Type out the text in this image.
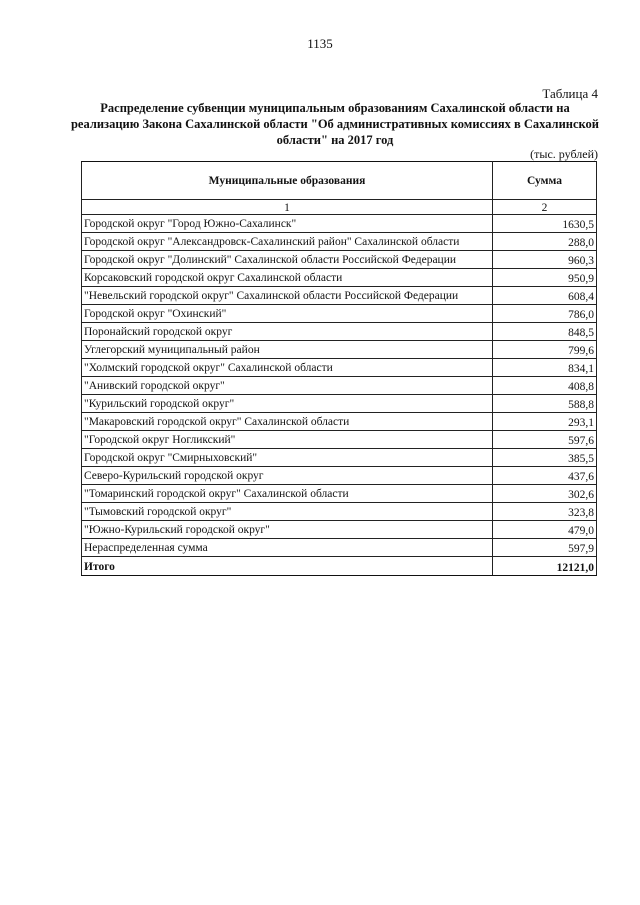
1135
Таблица 4
Распределение субвенции муниципальным образованиям Сахалинской области на реализацию Закона Сахалинской области "Об административных комиссиях в Сахалинской области" на 2017 год
(тыс. рублей)
Муниципальные образования	Сумма
1	2
Городской округ "Город Южно-Сахалинск"	1630,5
Городской округ "Александровск-Сахалинский район" Сахалинской области	288,0
Городской округ "Долинский" Сахалинской области Российской Федерации	960,3
Корсаковский городской округ Сахалинской области	950,9
"Невельский городской округ" Сахалинской области Российской Федерации	608,4
Городской округ "Охинский"	786,0
Поронайский городской округ	848,5
Углегорский муниципальный район	799,6
"Холмский городской округ" Сахалинской области	834,1
"Анивский городской округ"	408,8
"Курильский городской округ"	588,8
"Макаровский городской округ" Сахалинской области	293,1
"Городской округ Ногликский"	597,6
Городской округ "Смирныховский"	385,5
Северо-Курильский городской округ	437,6
"Томаринский городской округ" Сахалинской области	302,6
"Тымовский городской округ"	323,8
"Южно-Курильский городской округ"	479,0
Нераспределенная сумма	597,9
Итого	12121,0
